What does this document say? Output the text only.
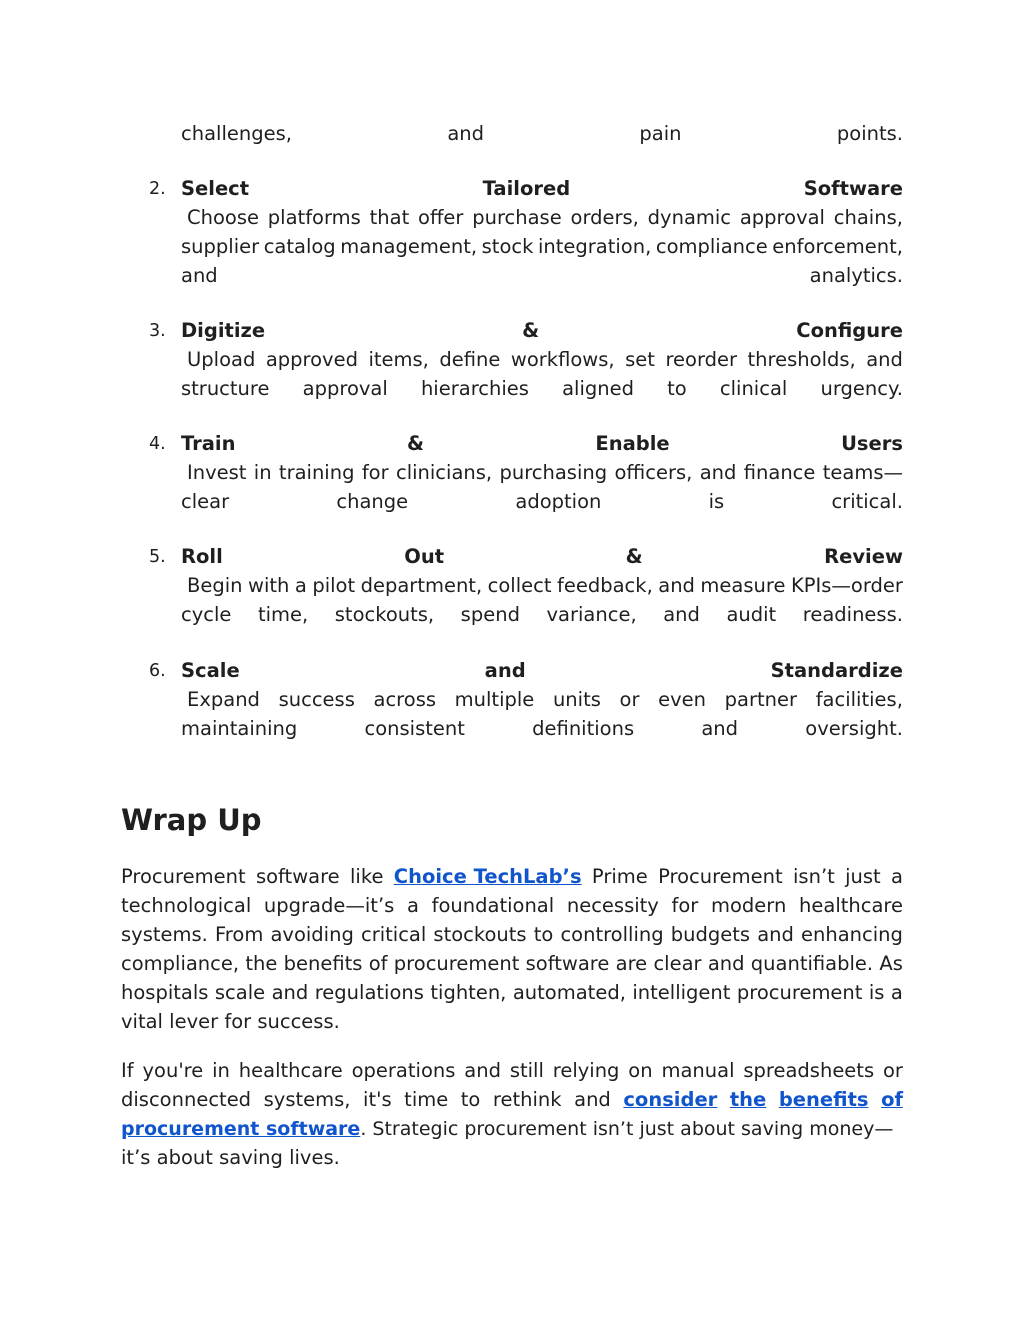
challenges,	and	pain	points.
2. Select	Tailored	Software
Choose platforms that offer purchase orders, dynamic approval chains,
supplier catalog management, stock integration, compliance enforcement,
and	analytics.
3. Digitize	&	Configure
Upload approved items, define workflows, set reorder thresholds, and
structure approval hierarchies aligned to clinical urgency.
4. Train	&	Enable	Users
Invest in training for clinicians, purchasing officers, and finance teams—
clear	change	adoption	is	critical.
5. Roll	Out	&	Review
Begin with a pilot department, collect feedback, and measure KPIs—order
cycle time, stockouts, spend variance, and audit readiness.
6. Scale	and	Standardize
Expand success across multiple units or even partner facilities,
maintaining	consistent	definitions	and	oversight.
Wrap Up
Procurement software like Choice TechLab’s Prime Procurement isn’t just a
technological upgrade—it’s a foundational necessity for modern healthcare
systems. From avoiding critical stockouts to controlling budgets and enhancing
compliance, the benefits of procurement software are clear and quantifiable. As
hospitals scale and regulations tighten, automated, intelligent procurement is a
vital lever for success.
If you're in healthcare operations and still relying on manual spreadsheets or
disconnected systems, it's time to rethink and consider the benefits of
procurement software . Strategic procurement isn’t just about saving money—
it’s about saving lives.
